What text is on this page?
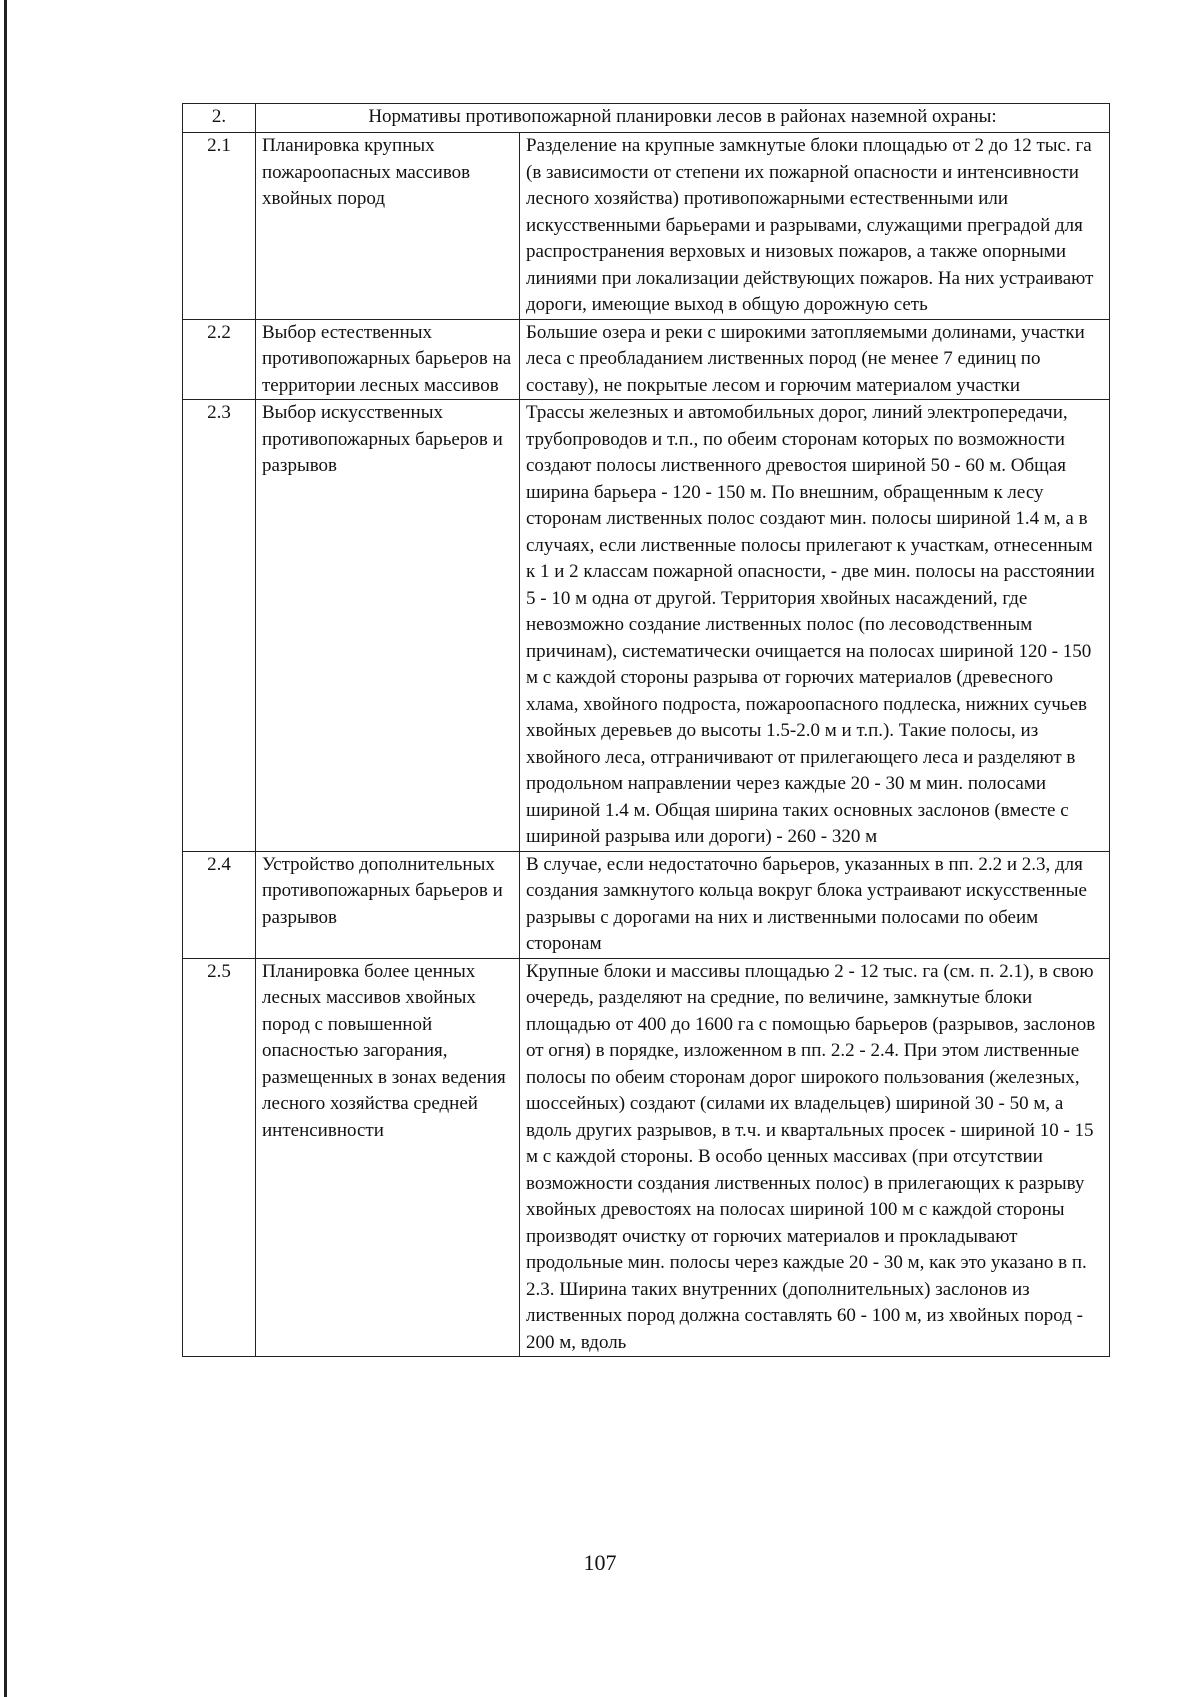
2.	Нормативы противопожарной планировки лесов в районах наземной охраны:	
2.1	Планировка крупных пожароопасных массивов хвойных пород	Разделение на крупные замкнутые блоки площадью от 2 до 12 тыс. га (в зависимости от степени их пожарной опасности и интенсивности лесного хозяйства) противопожарными естественными или искусственными барьерами и разрывами, служащими преградой для распространения верховых и низовых пожаров, а также опорными линиями при локализации действующих пожаров. На них устраивают дороги, имеющие выход в общую дорожную сеть
2.2	Выбор естественных противопожарных барьеров на территории лесных массивов	Большие озера и реки с широкими затопляемыми долинами, участки леса с преобладанием лиственных пород (не менее 7 единиц по составу), не покрытые лесом и горючим материалом участки
2.3	Выбор искусственных противопожарных барьеров и разрывов	Трассы железных и автомобильных дорог, линий электропередачи, трубопроводов и т.п., по обеим сторонам которых по возможности создают полосы лиственного древостоя шириной 50 - 60 м. Общая ширина барьера - 120 - 150 м. По внешним, обращенным к лесу сторонам лиственных полос создают мин. полосы шириной 1.4 м, а в случаях, если лиственные полосы прилегают к участкам, отнесенным к 1 и 2 классам пожарной опасности, - две мин. полосы на расстоянии 5 - 10 м одна от другой. Территория хвойных насаждений, где невозможно создание лиственных полос (по лесоводственным причинам), систематически очищается на полосах шириной 120 - 150 м с каждой стороны разрыва от горючих материалов (древесного хлама, хвойного подроста, пожароопасного подлеска, нижних сучьев хвойных деревьев до высоты 1.5-2.0 м и т.п.). Такие полосы, из хвойного леса, отграничивают от прилегающего леса и разделяют в продольном направлении через каждые 20 - 30 м мин. полосами шириной 1.4 м. Общая ширина таких основных заслонов (вместе с шириной разрыва или дороги) - 260 - 320 м
2.4	Устройство дополнительных противопожарных барьеров и разрывов	В случае, если недостаточно барьеров, указанных в пп. 2.2 и 2.3, для создания замкнутого кольца вокруг блока устраивают искусственные разрывы с дорогами на них и лиственными полосами по обеим сторонам
2.5	Планировка более ценных лесных массивов хвойных пород с повышенной опасностью загорания, размещенных в зонах ведения лесного хозяйства средней интенсивности	Крупные блоки и массивы площадью 2 - 12 тыс. га (см. п. 2.1), в свою очередь, разделяют на средние, по величине, замкнутые блоки площадью от 400 до 1600 га с помощью барьеров (разрывов, заслонов от огня) в порядке, изложенном в пп. 2.2 - 2.4. При этом лиственные полосы по обеим сторонам дорог широкого пользования (железных, шоссейных) создают (силами их владельцев) шириной 30 - 50 м, а вдоль других разрывов, в т.ч. и квартальных просек - шириной 10 - 15 м с каждой стороны. В особо ценных массивах (при отсутствии возможности создания лиственных полос) в прилегающих к разрыву хвойных древостоях на полосах шириной 100 м с каждой стороны производят очистку от горючих материалов и прокладывают продольные мин. полосы через каждые 20 - 30 м, как это указано в п. 2.3. Ширина таких внутренних (дополнительных) заслонов из лиственных пород должна составлять 60 - 100 м, из хвойных пород - 200 м, вдоль
107
